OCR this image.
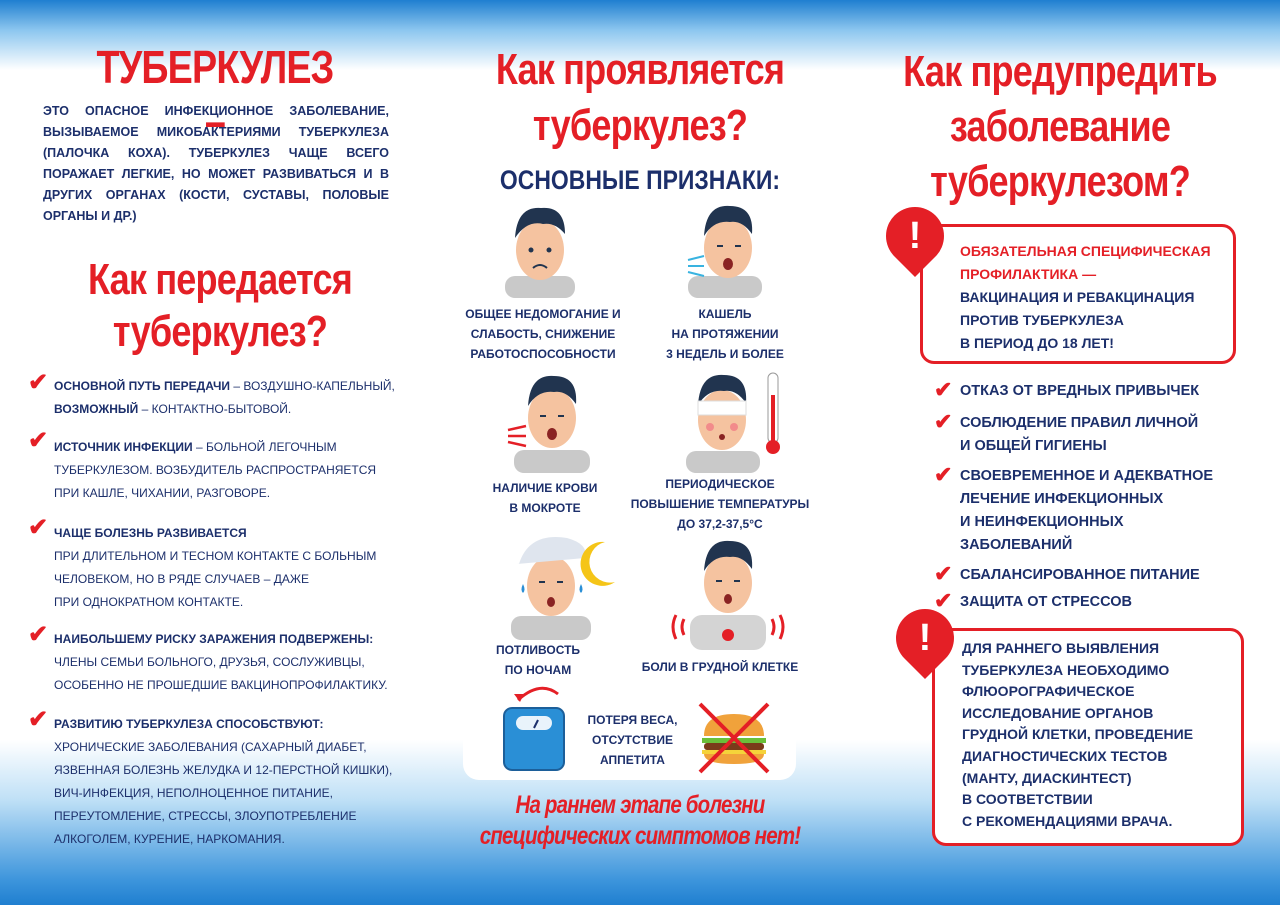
ТУБЕРКУЛЕЗ –
ЭТО ОПАСНОЕ ИНФЕКЦИОННОЕ ЗАБОЛЕВАНИЕ, ВЫЗЫВАЕМОЕ МИКОБАКТЕРИЯМИ ТУБЕРКУЛЕЗА (ПАЛОЧКА КОХА). ТУБЕРКУЛЕЗ ЧАЩЕ ВСЕГО ПОРАЖАЕТ ЛЕГКИЕ, НО МОЖЕТ РАЗВИВАТЬСЯ И В ДРУГИХ ОРГАНАХ (КОСТИ, СУСТАВЫ, ПОЛОВЫЕ ОРГАНЫ И ДР.)
Как передается
туберкулез?
✔ ОСНОВНОЙ ПУТЬ ПЕРЕДАЧИ – ВОЗДУШНО-КАПЕЛЬНЫЙ,
ВОЗМОЖНЫЙ – КОНТАКТНО-БЫТОВОЙ.
✔ ИСТОЧНИК ИНФЕКЦИИ – БОЛЬНОЙ ЛЕГОЧНЫМ
ТУБЕРКУЛЕЗОМ. ВОЗБУДИТЕЛЬ РАСПРОСТРАНЯЕТСЯ
ПРИ КАШЛЕ, ЧИХАНИИ, РАЗГОВОРЕ.
✔ ЧАЩЕ БОЛЕЗНЬ РАЗВИВАЕТСЯ
ПРИ ДЛИТЕЛЬНОМ И ТЕСНОМ КОНТАКТЕ С БОЛЬНЫМ
ЧЕЛОВЕКОМ, НО В РЯДЕ СЛУЧАЕВ – ДАЖЕ
ПРИ ОДНОКРАТНОМ КОНТАКТЕ.
✔ НАИБОЛЬШЕМУ РИСКУ ЗАРАЖЕНИЯ ПОДВЕРЖЕНЫ:
ЧЛЕНЫ СЕМЬИ БОЛЬНОГО, ДРУЗЬЯ, СОСЛУЖИВЦЫ,
ОСОБЕННО НЕ ПРОШЕДШИЕ ВАКЦИНОПРОФИЛАКТИКУ.
✔ РАЗВИТИЮ ТУБЕРКУЛЕЗА СПОСОБСТВУЮТ:
ХРОНИЧЕСКИЕ ЗАБОЛЕВАНИЯ (САХАРНЫЙ ДИАБЕТ,
ЯЗВЕННАЯ БОЛЕЗНЬ ЖЕЛУДКА И 12-ПЕРСТНОЙ КИШКИ),
ВИЧ-ИНФЕКЦИЯ, НЕПОЛНОЦЕННОЕ ПИТАНИЕ,
ПЕРЕУТОМЛЕНИЕ, СТРЕССЫ, ЗЛОУПОТРЕБЛЕНИЕ
АЛКОГОЛЕМ, КУРЕНИЕ, НАРКОМАНИЯ.
Как проявляется
туберкулез?
ОСНОВНЫЕ ПРИЗНАКИ:
ОБЩЕЕ НЕДОМОГАНИЕ И
СЛАБОСТЬ, СНИЖЕНИЕ
РАБОТОСПОСОБНОСТИ
КАШЕЛЬ
НА ПРОТЯЖЕНИИ
3 НЕДЕЛЬ И БОЛЕЕ
НАЛИЧИЕ КРОВИ
В МОКРОТЕ
ПЕРИОДИЧЕСКОЕ
ПОВЫШЕНИЕ ТЕМПЕРАТУРЫ
ДО 37,2-37,5°С
ПОТЛИВОСТЬ
ПО НОЧАМ	БОЛИ В ГРУДНОЙ КЛЕТКЕ
ПОТЕРЯ ВЕСА,
ОТСУТСТВИЕ
АППЕТИТА
На раннем этапе болезни
специфических симптомов нет!
Как предупредить
заболевание
туберкулезом?
!	ОБЯЗАТЕЛЬНАЯ СПЕЦИФИЧЕСКАЯ
ПРОФИЛАКТИКА —
ВАКЦИНАЦИЯ И РЕВАКЦИНАЦИЯ
ПРОТИВ ТУБЕРКУЛЕЗА
В ПЕРИОД ДО 18 ЛЕТ!
✔ ОТКАЗ ОТ ВРЕДНЫХ ПРИВЫЧЕК
✔ СОБЛЮДЕНИЕ ПРАВИЛ ЛИЧНОЙ
И ОБЩЕЙ ГИГИЕНЫ
✔ СВОЕВРЕМЕННОЕ И АДЕКВАТНОЕ
ЛЕЧЕНИЕ ИНФЕКЦИОННЫХ
И НЕИНФЕКЦИОННЫХ
ЗАБОЛЕВАНИЙ
✔ СБАЛАНСИРОВАННОЕ ПИТАНИЕ
✔ ЗАЩИТА ОТ СТРЕССОВ
!	ДЛЯ РАННЕГО ВЫЯВЛЕНИЯ
ТУБЕРКУЛЕЗА НЕОБХОДИМО
ФЛЮОРОГРАФИЧЕСКОЕ
ИССЛЕДОВАНИЕ ОРГАНОВ
ГРУДНОЙ КЛЕТКИ, ПРОВЕДЕНИЕ
ДИАГНОСТИЧЕСКИХ ТЕСТОВ
(МАНТУ, ДИАСКИНТЕСТ)
В СООТВЕТСТВИИ
С РЕКОМЕНДАЦИЯМИ ВРАЧА.
